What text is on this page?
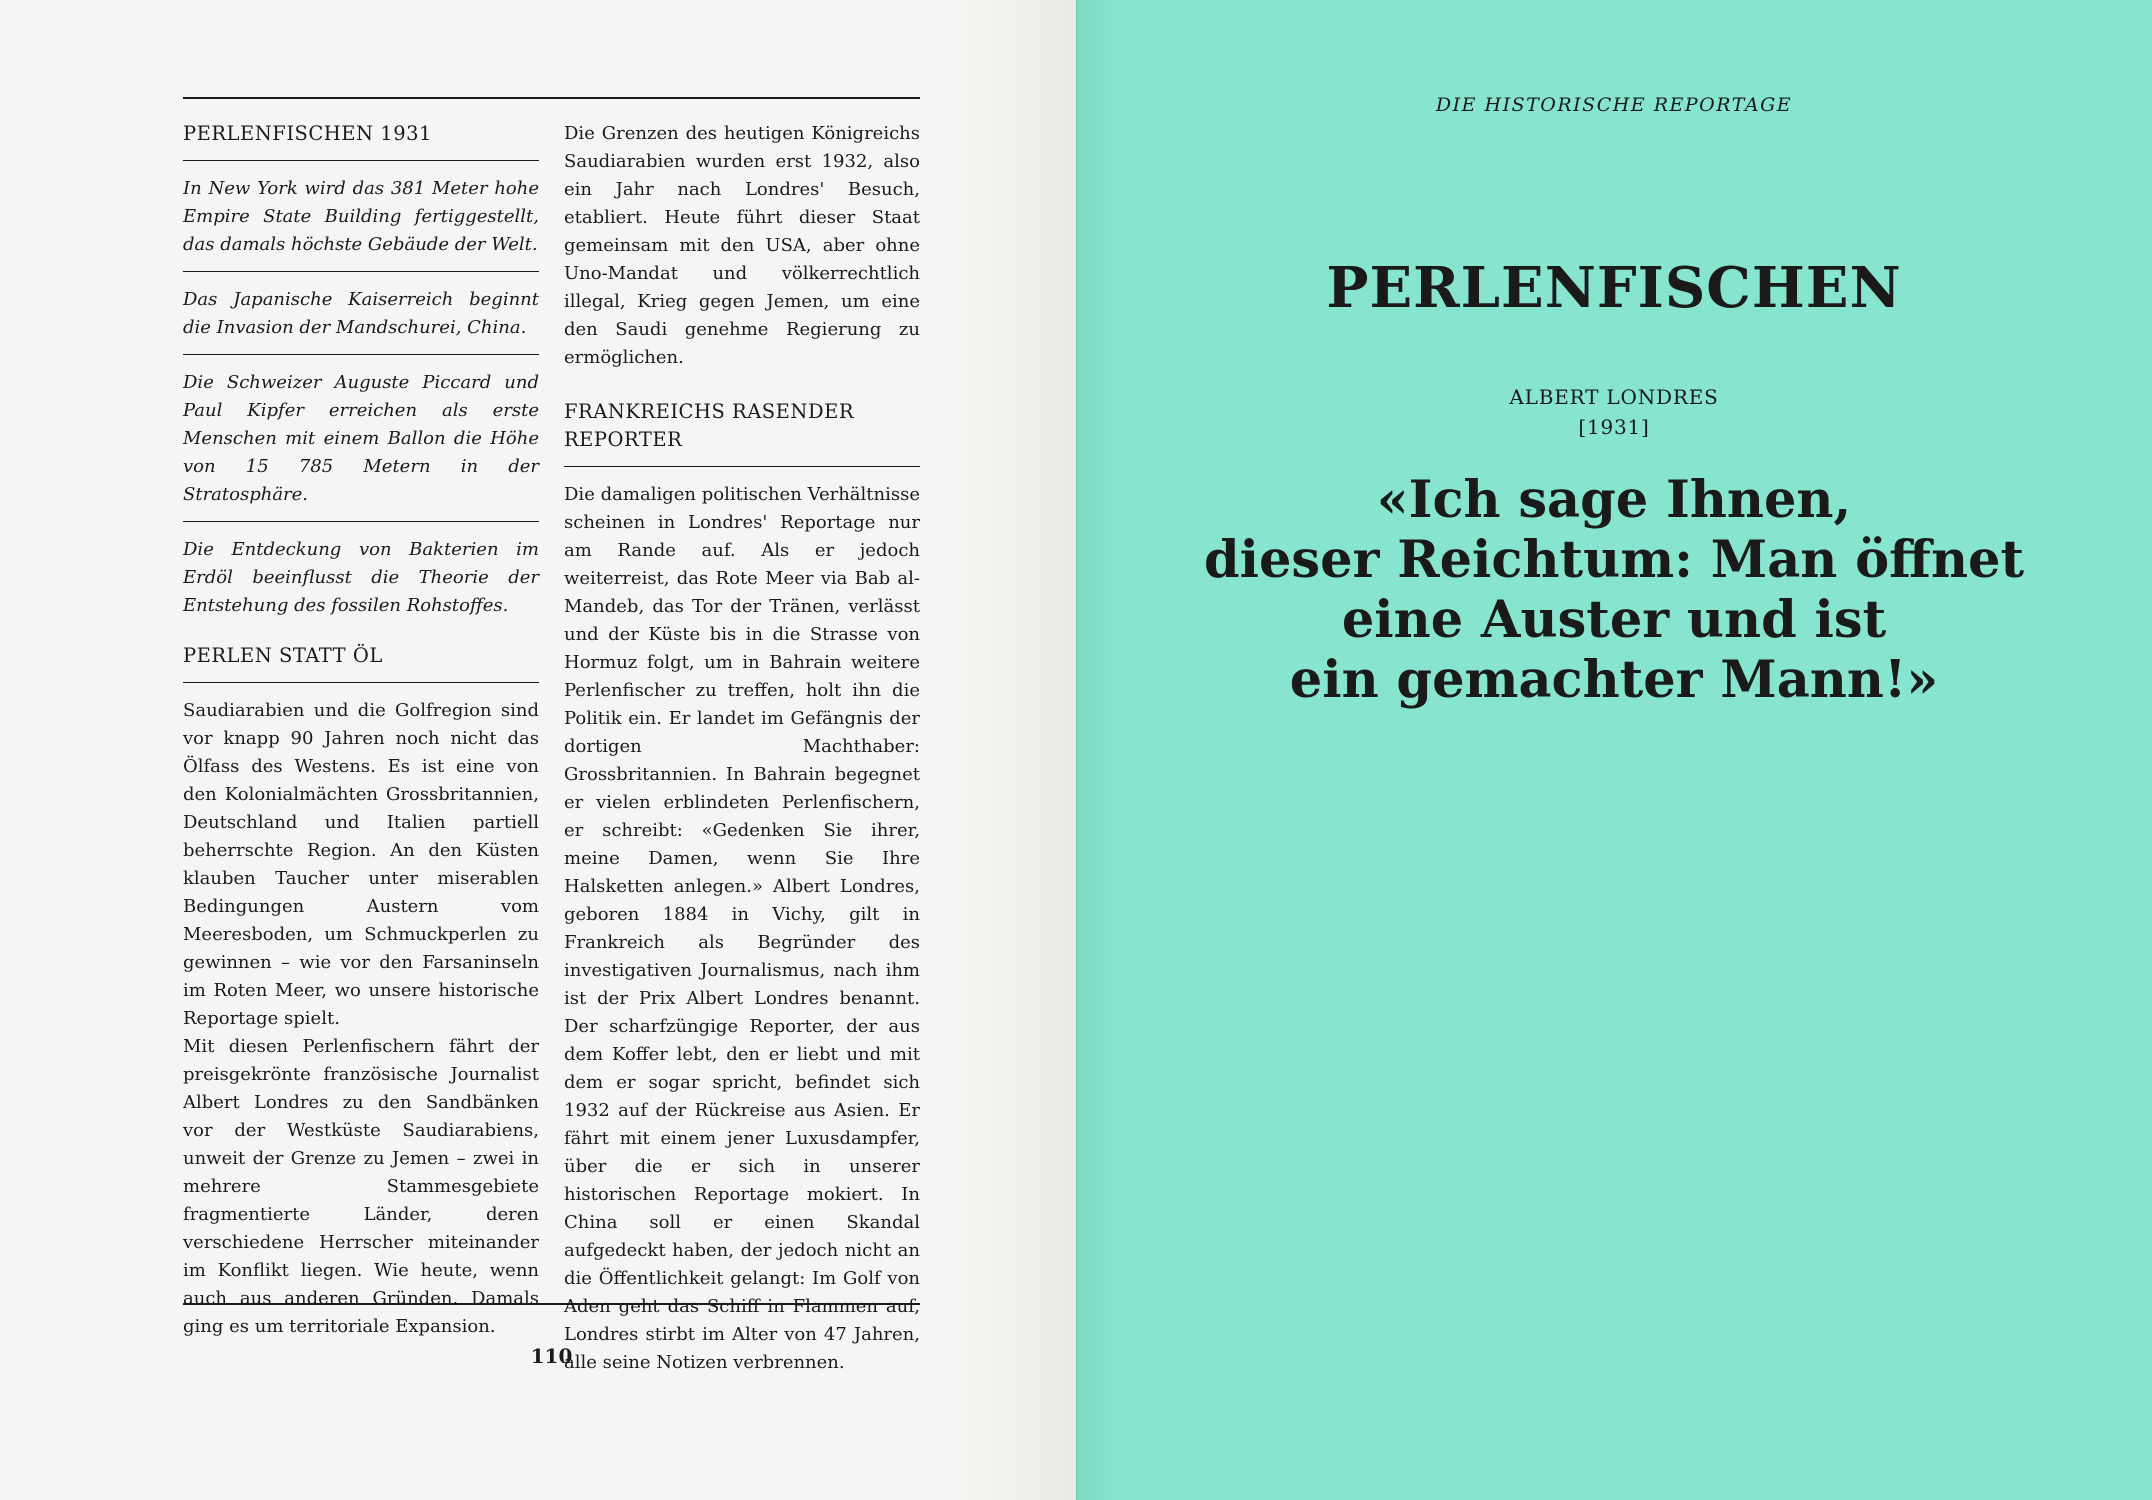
PERLENFISCHEN 1931
In New York wird das 381 Meter hohe Empire State Building fertiggestellt, das damals höchste Gebäude der Welt.
Das Japanische Kaiserreich beginnt die Invasion der Mandschurei, China.
Die Schweizer Auguste Piccard und Paul Kipfer erreichen als erste Menschen mit einem Ballon die Höhe von 15 785 Metern in der Stratosphäre.
Die Entdeckung von Bakterien im Erdöl beeinflusst die Theorie der Entstehung des fossilen Rohstoffes.
PERLEN STATT ÖL

Saudiarabien und die Golfregion sind vor knapp 90 Jahren noch nicht das Ölfass des Westens. Es ist eine von den Kolonialmächten Grossbritannien, Deutschland und Italien partiell beherrschte Region. An den Küsten klauben Taucher unter miserablen Bedingungen Austern vom Meeresboden, um Schmuckperlen zu gewinnen – wie vor den Farsaninseln im Roten Meer, wo unsere historische Reportage spielt.

Mit diesen Perlenfischern fährt der preisgekrönte französische Journalist Albert Londres zu den Sandbänken vor der Westküste Saudiarabiens, unweit der Grenze zu Jemen – zwei in mehrere Stammesgebiete fragmentierte Länder, deren verschiedene Herrscher miteinander im Konflikt liegen. Wie heute, wenn auch aus anderen Gründen. Damals ging es um territoriale Expansion.

Die Grenzen des heutigen Königreichs Saudiarabien wurden erst 1932, also ein Jahr nach Londres' Besuch, etabliert. Heute führt dieser Staat gemeinsam mit den USA, aber ohne Uno-Mandat und völkerrechtlich illegal, Krieg gegen Jemen, um eine den Saudi genehme Regierung zu ermöglichen.

FRANKREICHS RASENDER REPORTER

Die damaligen politischen Verhältnisse scheinen in Londres' Reportage nur am Rande auf. Als er jedoch weiterreist, das Rote Meer via Bab al-Mandeb, das Tor der Tränen, verlässt und der Küste bis in die Strasse von Hormuz folgt, um in Bahrain weitere Perlenfischer zu treffen, holt ihn die Politik ein. Er landet im Gefängnis der dortigen Machthaber: Grossbritannien. In Bahrain begegnet er vielen erblindeten Perlenfischern, er schreibt: «Gedenken Sie ihrer, meine Damen, wenn Sie Ihre Halsketten anlegen.» Albert Londres, geboren 1884 in Vichy, gilt in Frankreich als Begründer des investigativen Journalismus, nach ihm ist der Prix Albert Londres benannt. Der scharfzüngige Reporter, der aus dem Koffer lebt, den er liebt und mit dem er sogar spricht, befindet sich 1932 auf der Rückreise aus Asien. Er fährt mit einem jener Luxusdampfer, über die er sich in unserer historischen Reportage mokiert. In China soll er einen Skandal aufgedeckt haben, der jedoch nicht an die Öffentlichkeit gelangt: Im Golf von Aden geht das Schiff in Flammen auf, Londres stirbt im Alter von 47 Jahren, alle seine Notizen verbrennen.

110
DIE HISTORISCHE REPORTAGE
PERLENFISCHEN
ALBERT LONDRES
[1931]
«Ich sage Ihnen,
dieser Reichtum: Man öffnet
eine Auster und ist
ein gemachter Mann!»
